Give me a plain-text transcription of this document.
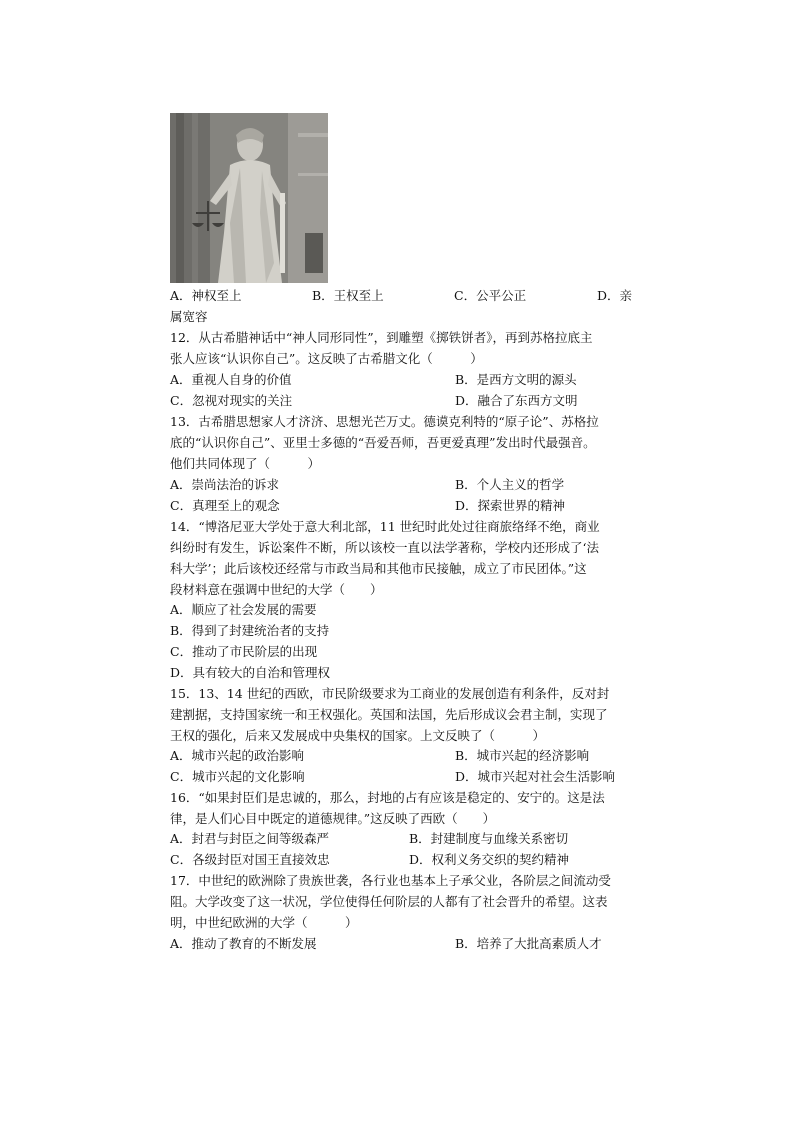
A．神权至上	B．王权至上	C．公平公正	D．亲
属宽容
12．从古希腊神话中“神人同形同性”，到雕塑《掷铁饼者》，再到苏格拉底主
张人应该“认识你自己”。这反映了古希腊文化（　　　）
A．重视人自身的价值	B．是西方文明的源头
C．忽视对现实的关注	D．融合了东西方文明
13．古希腊思想家人才济济、思想光芒万丈。德谟克利特的“原子论”、苏格拉
底的“认识你自己”、亚里士多德的“吾爱吾师，吾更爱真理”发出时代最强音。
他们共同体现了（　　　）
A．崇尚法治的诉求	B．个人主义的哲学
C．真理至上的观念	D．探索世界的精神
14．“博洛尼亚大学处于意大利北部，11 世纪时此处过往商旅络绎不绝，商业
纠纷时有发生，诉讼案件不断，所以该校一直以法学著称，学校内还形成了‘法
科大学’；此后该校还经常与市政当局和其他市民接触，成立了市民团体。”这
段材料意在强调中世纪的大学（　　）
A．顺应了社会发展的需要
B．得到了封建统治者的支持
C．推动了市民阶层的出现
D．具有较大的自治和管理权
15．13、14 世纪的西欧，市民阶级要求为工商业的发展创造有利条件，反对封
建割据，支持国家统一和王权强化。英国和法国，先后形成议会君主制，实现了
王权的强化，后来又发展成中央集权的国家。上文反映了（　　　）
A．城市兴起的政治影响	B．城市兴起的经济影响
C．城市兴起的文化影响	D．城市兴起对社会生活影响
16．“如果封臣们是忠诚的，那么，封地的占有应该是稳定的、安宁的。这是法
律，是人们心目中既定的道德规律。”这反映了西欧（　　）
A．封君与封臣之间等级森严	B．封建制度与血缘关系密切
C．各级封臣对国王直接效忠	D．权利义务交织的契约精神
17．中世纪的欧洲除了贵族世袭，各行业也基本上子承父业，各阶层之间流动受
阻。大学改变了这一状况，学位使得任何阶层的人都有了社会晋升的希望。这表
明，中世纪欧洲的大学（　　　）
A．推动了教育的不断发展	B．培养了大批高素质人才
